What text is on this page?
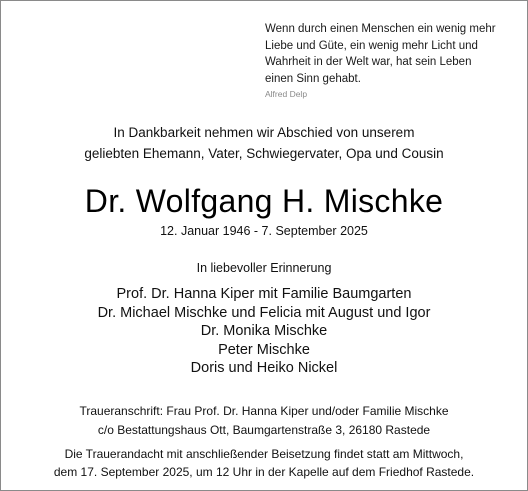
Wenn durch einen Menschen ein wenig mehr
Liebe und Güte, ein wenig mehr Licht und
Wahrheit in der Welt war, hat sein Leben
einen Sinn gehabt.
Alfred Delp
In Dankbarkeit nehmen wir Abschied von unserem
geliebten Ehemann, Vater, Schwiegervater, Opa und Cousin
Dr. Wolfgang H. Mischke
12. Januar 1946 - 7. September 2025
In liebevoller Erinnerung
Prof. Dr. Hanna Kiper mit Familie Baumgarten
Dr. Michael Mischke und Felicia mit August und Igor
Dr. Monika Mischke
Peter Mischke
Doris und Heiko Nickel
Traueranschrift: Frau Prof. Dr. Hanna Kiper und/oder Familie Mischke
c/o Bestattungshaus Ott, Baumgartenstraße 3, 26180 Rastede
Die Trauerandacht mit anschließender Beisetzung findet statt am Mittwoch,
dem 17. September 2025, um 12 Uhr in der Kapelle auf dem Friedhof Rastede.
